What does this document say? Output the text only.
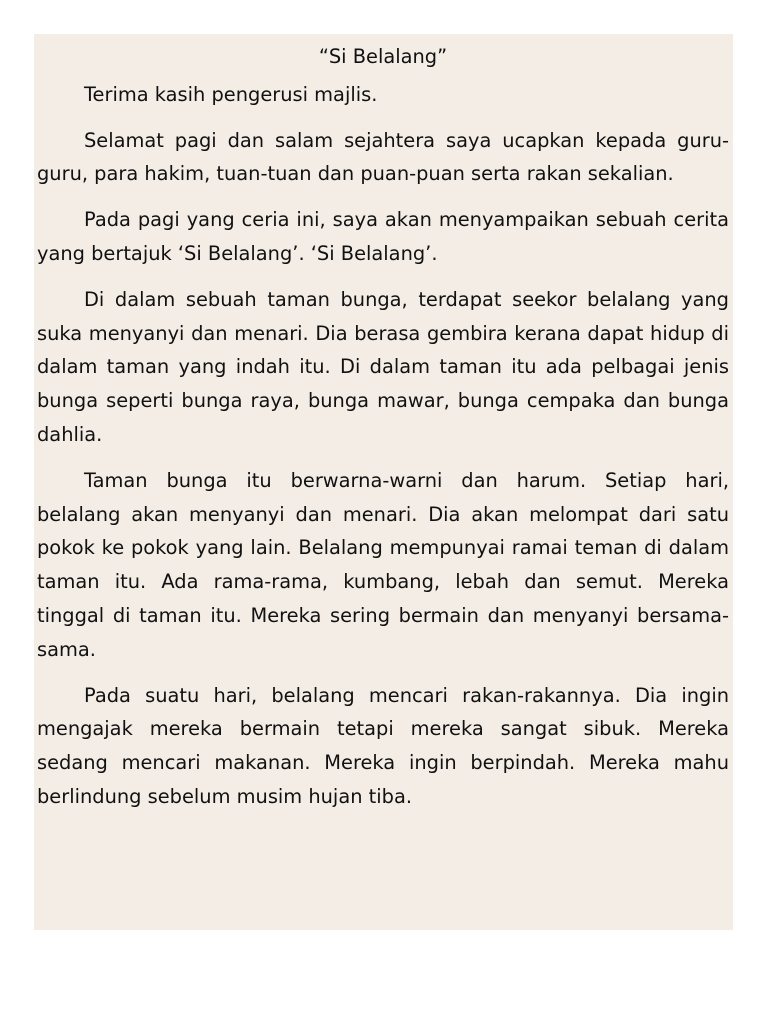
“Si Belalang”

Terima kasih pengerusi majlis.

Selamat pagi dan salam sejahtera saya ucapkan kepada guru-guru, para hakim, tuan-tuan dan puan-puan serta rakan sekalian.

Pada pagi yang ceria ini, saya akan menyampaikan sebuah cerita yang bertajuk ‘Si Belalang’. ‘Si Belalang’.

Di dalam sebuah taman bunga, terdapat seekor belalang yang suka menyanyi dan menari. Dia berasa gembira kerana dapat hidup di dalam taman yang indah itu. Di dalam taman itu ada pelbagai jenis bunga seperti bunga raya, bunga mawar, bunga cempaka dan bunga dahlia.

Taman bunga itu berwarna-warni dan harum. Setiap hari, belalang akan menyanyi dan menari. Dia akan melompat dari satu pokok ke pokok yang lain. Belalang mempunyai ramai teman di dalam taman itu. Ada rama-rama, kumbang, lebah dan semut. Mereka tinggal di taman itu. Mereka sering bermain dan menyanyi bersama-sama.

Pada suatu hari, belalang mencari rakan-rakannya. Dia ingin mengajak mereka bermain tetapi mereka sangat sibuk. Mereka sedang mencari makanan. Mereka ingin berpindah. Mereka mahu berlindung sebelum musim hujan tiba.
